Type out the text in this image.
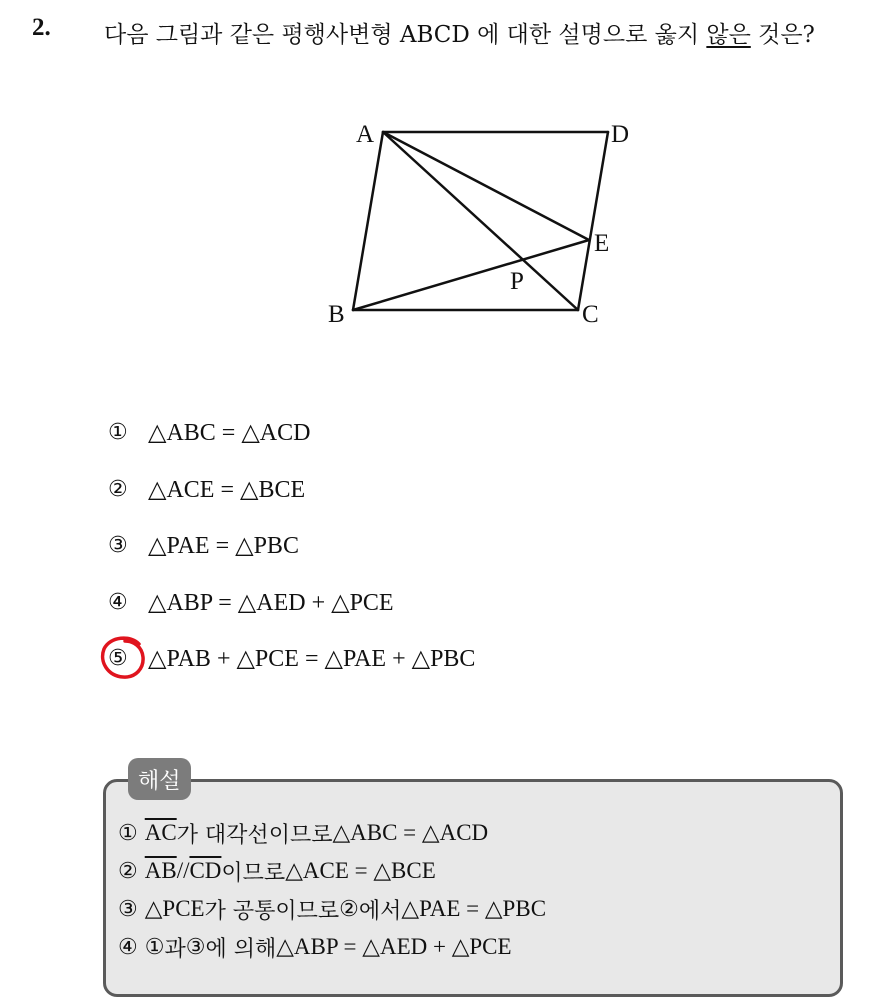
2. 다음 그림과 같은 평행사변형 ABCD 에 대한 설명으로 옳지 않은 것은?
A	D
E
P
B	C
① △ABC = △ACD
② △ACE = △BCE
③ △PAE = △PBC
④ △ABP = △AED + △PCE
⑤ △PAB + △PCE = △PAE + △PBC
해설
①
$\overline{AC}$ 가 대각선이므로 △ABC = △ACD
②
$\overline{AB} // \overline{CD}$ 이므로 △ACE = △BCE
③
△PCE 가 공통이므로 ② 에서 △PAE = △PBC
④
① 과 ③ 에 의해 △ABP = △AED + △PCE
